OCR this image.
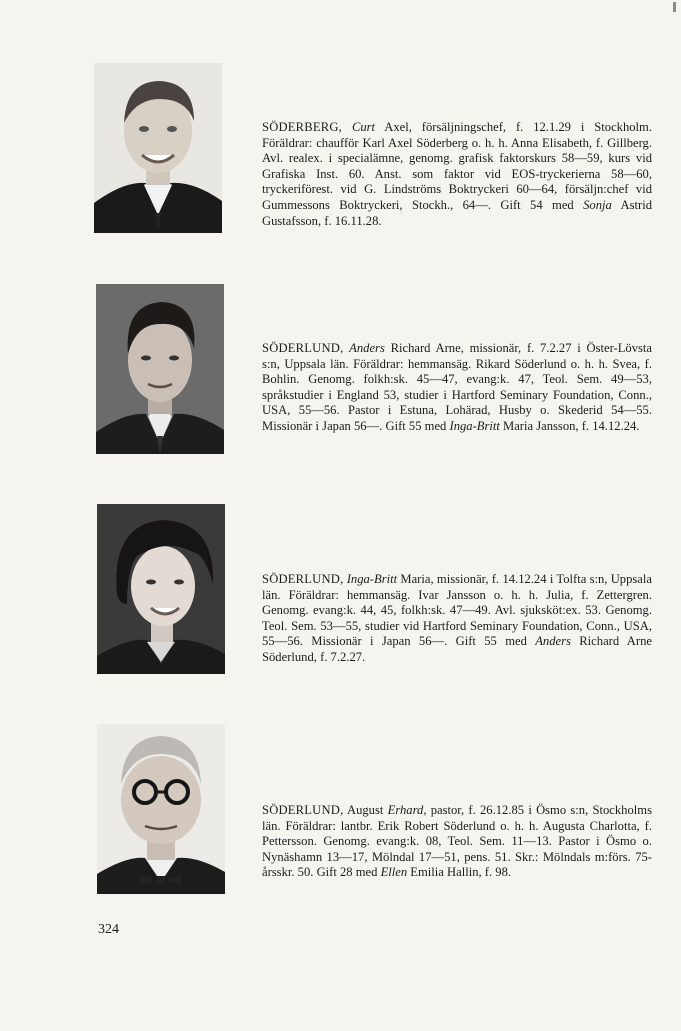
SÖDERBERG, Curt Axel, försäljningschef, f. 12.1.29 i Stockholm. Föräldrar: chaufför Karl Axel Söderberg o. h. h. Anna Elisabeth, f. Gillberg. Avl. realex. i specialämne, genomg. grafisk faktorskurs 58—59, kurs vid Grafiska Inst. 60. Anst. som faktor vid EOS-tryckerierna 58—60, tryckeriförest. vid G. Lindströms Boktryckeri 60—64, försäljn:chef vid Gummessons Boktryckeri, Stockh., 64—. Gift 54 med Sonja Astrid Gustafsson, f. 16.11.28.

SÖDERLUND, Anders Richard Arne, missionär, f. 7.2.27 i Öster-Lövsta s:n, Uppsala län. Föräldrar: hemmansäg. Rikard Söderlund o. h. h. Svea, f. Bohlin. Genomg. folkh:sk. 45—47, evang:k. 47, Teol. Sem. 49—53, språkstudier i England 53, studier i Hartford Seminary Foundation, Conn., USA, 55—56. Pastor i Estuna, Lohärad, Husby o. Skederid 54—55. Missionär i Japan 56—. Gift 55 med Inga-Britt Maria Jansson, f. 14.12.24.

SÖDERLUND, Inga-Britt Maria, missionär, f. 14.12.24 i Tolfta s:n, Uppsala län. Föräldrar: hemmansäg. Ivar Jansson o. h. h. Julia, f. Zettergren. Genomg. evang:k. 44, 45, folkh:sk. 47—49. Avl. sjuksköt:ex. 53. Genomg. Teol. Sem. 53—55, studier vid Hartford Seminary Foundation, Conn., USA, 55—56. Missionär i Japan 56—. Gift 55 med Anders Richard Arne Söderlund, f. 7.2.27.

SÖDERLUND, August Erhard, pastor, f. 26.12.85 i Ösmo s:n, Stockholms län. Föräldrar: lantbr. Erik Robert Söderlund o. h. h. Augusta Charlotta, f. Pettersson. Genomg. evang:k. 08, Teol. Sem. 11—13. Pastor i Ösmo o. Nynäshamn 13—17, Mölndal 17—51, pens. 51. Skr.: Mölndals m:förs. 75-årsskr. 50. Gift 28 med Ellen Emilia Hallin, f. 98.

324
